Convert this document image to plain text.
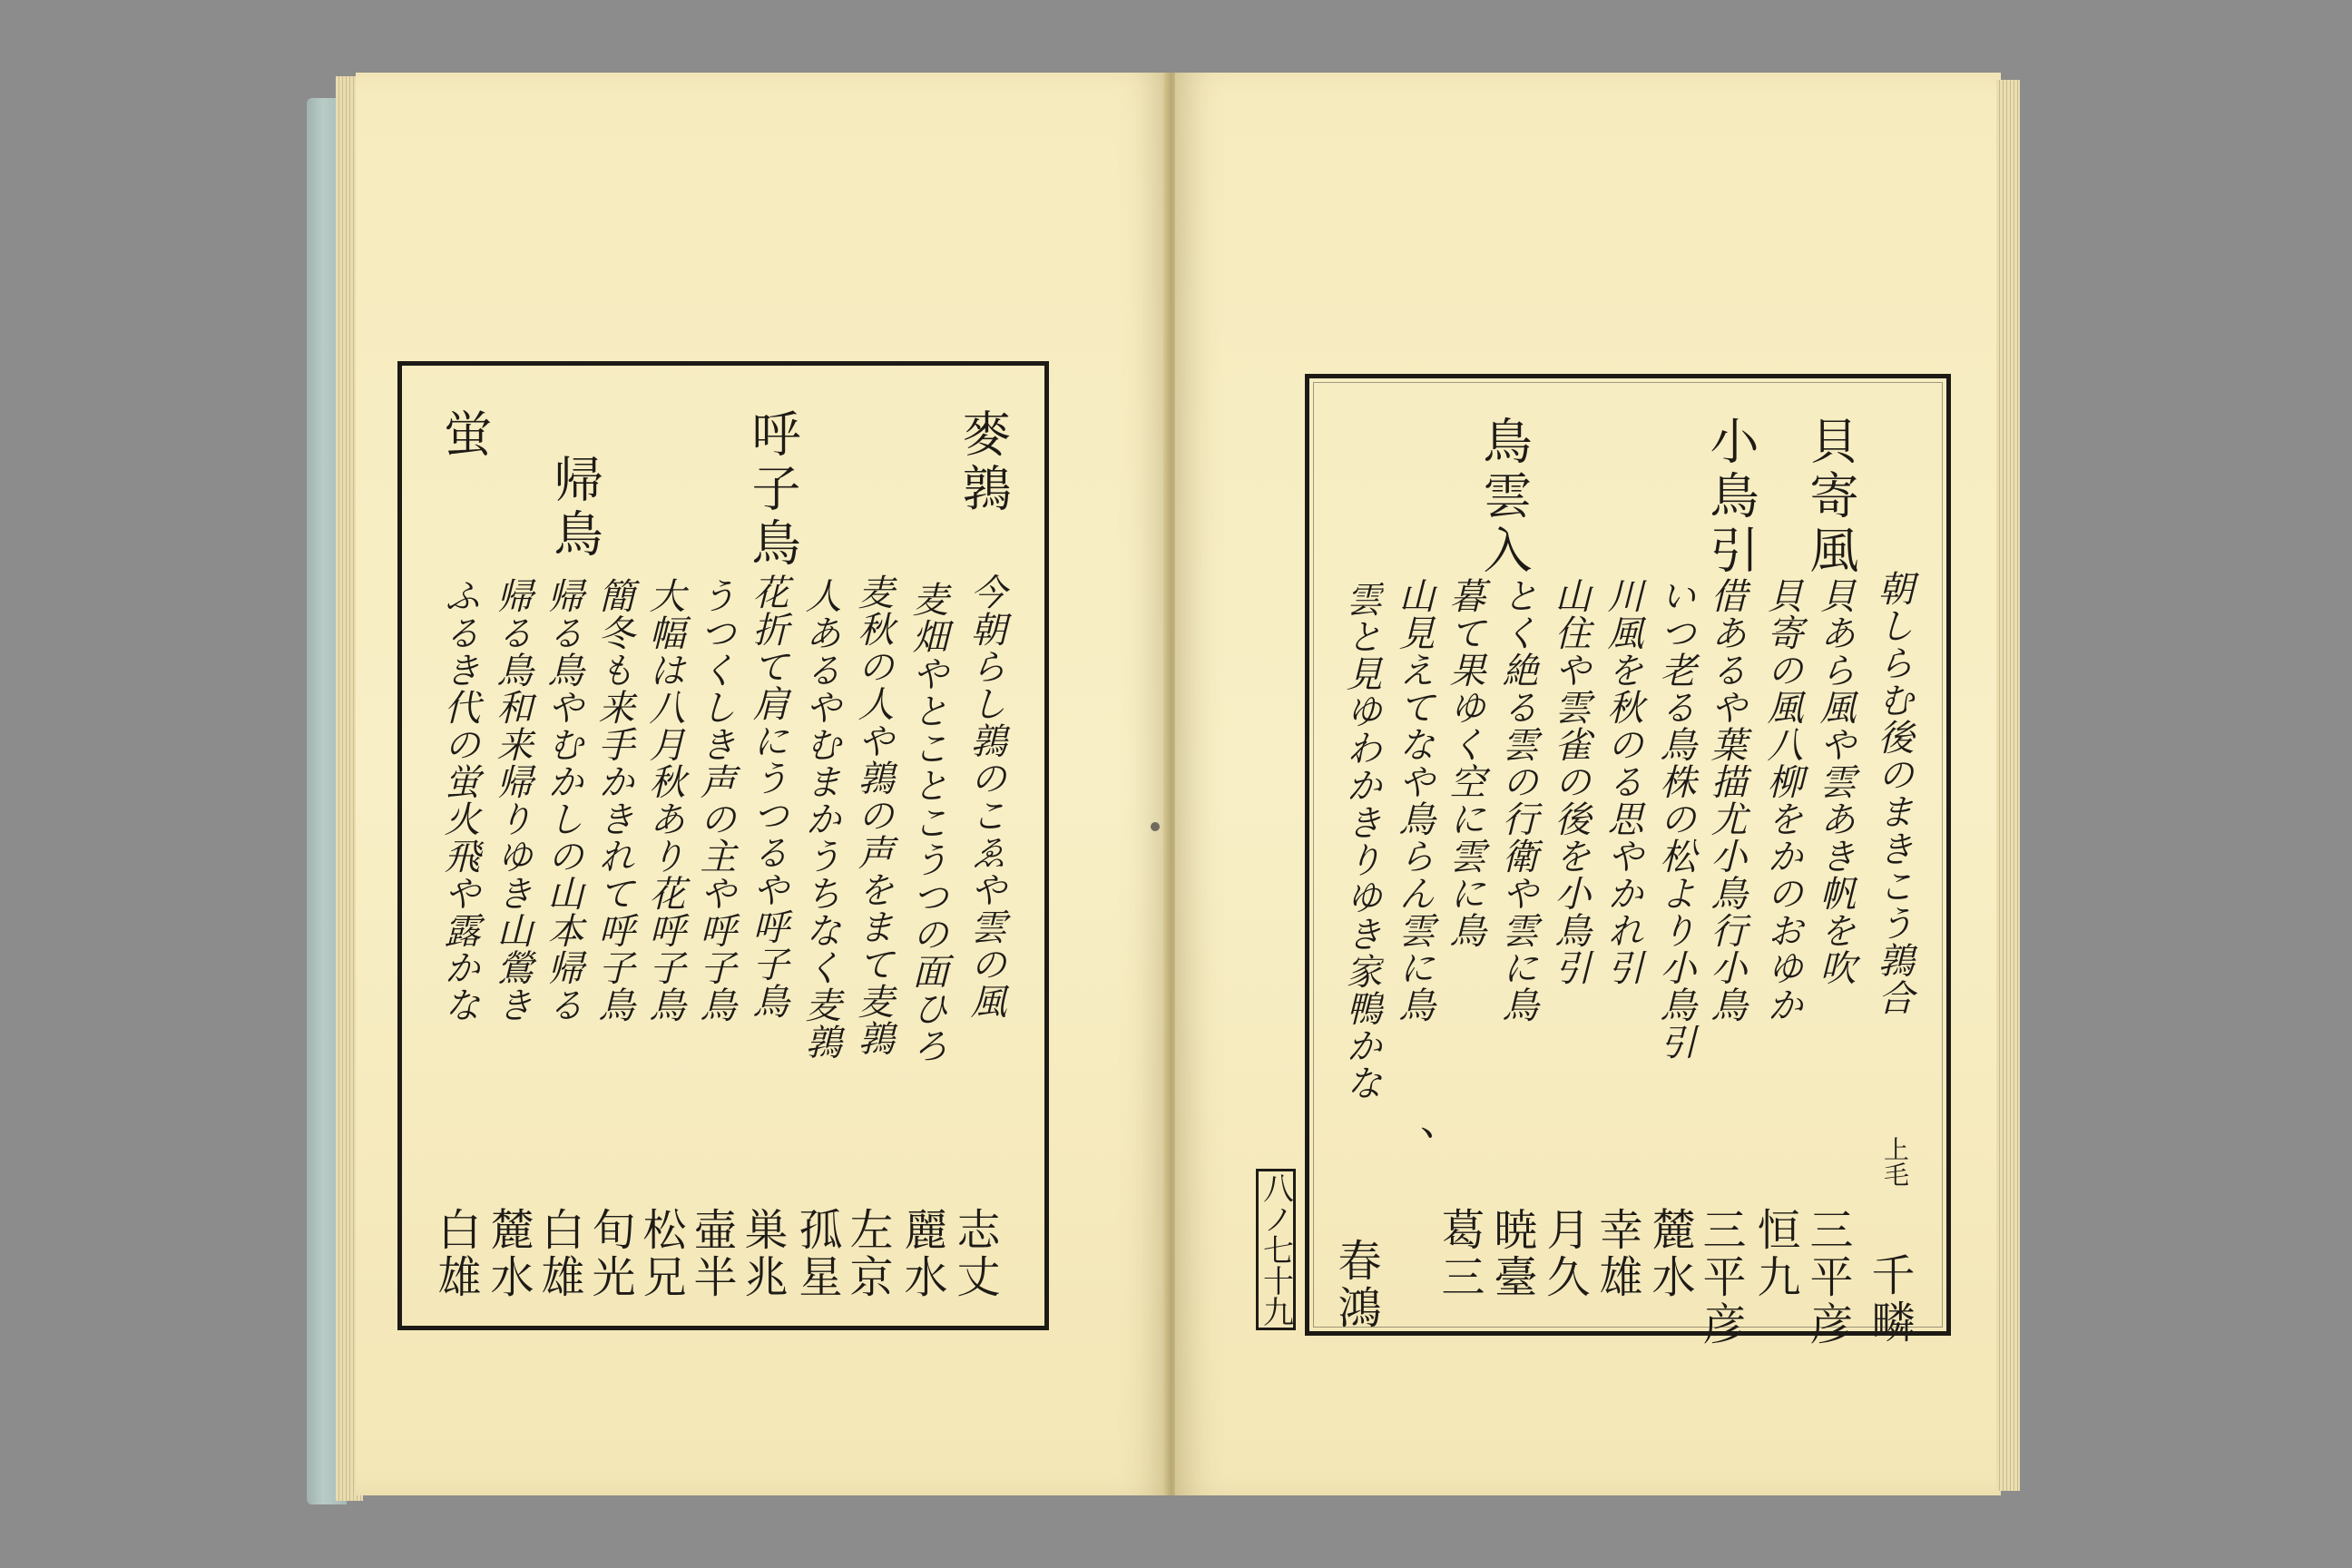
麥鶉
今朝らし鶉のこゑや雲の風
志丈
麦畑やとことこうつの面ひろ
麗水
麦秋の人や鶉の声をまて麦鶉
左京
人あるやむまかうちなく麦鶉
孤星
呼子鳥
花折て肩にうつるや呼子鳥
巣兆
うつくしき声の主や呼子鳥
壷半
大幅は八月秋あり花呼子鳥
松兄
帰鳥
簡冬も来手かきれて呼子鳥
旬光
帰る鳥やむかしの山本帰る
白雄
帰る鳥和来帰りゆき山鶯き
麓水
蛍
ふるき代の蛍火飛や露かな
白雄
朝しらむ後のまきこう鶉合
千疄
上毛
貝寄風
貝あら風や雲あき帆を吹
三平彦
貝寄の風八柳をかのおゆか
恒九
小鳥引
借あるや葉描尤小鳥行小鳥
三平彦
いつ老る鳥株の松より小鳥引
麓水
川風を秋のる思やかれ引
幸雄
鳥雲入
山住や雲雀の後を小鳥引
月久
とく絶る雲の行衛や雲に鳥
暁臺
暮て果ゆく空に雲に鳥
葛三
山見えてなや鳥らん雲に鳥
、
雲と見ゆわかきりゆき家鴨かな
春鴻
八ノ七十九
